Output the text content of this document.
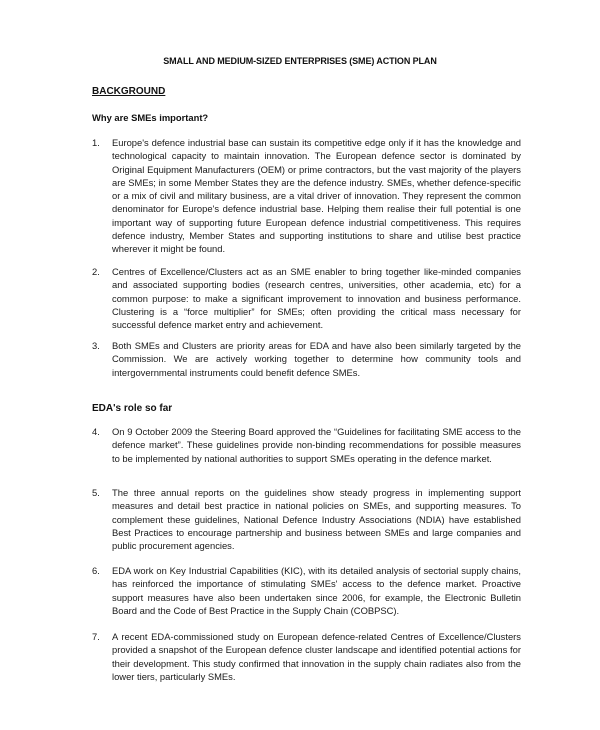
SMALL AND MEDIUM-SIZED ENTERPRISES (SME) ACTION PLAN
BACKGROUND
Why are SMEs important?
1.	Europe's defence industrial base can sustain its competitive edge only if it has the knowledge and technological capacity to maintain innovation. The European defence sector is dominated by Original Equipment Manufacturers (OEM) or prime contractors, but the vast majority of the players are SMEs; in some Member States they are the defence industry. SMEs, whether defence-specific or a mix of civil and military business, are a vital driver of innovation. They represent the common denominator for Europe's defence industrial base. Helping them realise their full potential is one important way of supporting future European defence industrial competitiveness. This requires defence industry, Member States and supporting institutions to share and utilise best practice wherever it might be found.
2.	Centres of Excellence/Clusters act as an SME enabler to bring together like-minded companies and associated supporting bodies (research centres, universities, other academia, etc) for a common purpose: to make a significant improvement to innovation and business performance. Clustering is a “force multiplier” for SMEs; often providing the critical mass necessary for successful defence market entry and achievement.
3.	Both SMEs and Clusters are priority areas for EDA and have also been similarly targeted by the Commission. We are actively working together to determine how community tools and intergovernmental instruments could benefit defence SMEs.
EDA's role so far
4.	On 9 October 2009 the Steering Board approved the “Guidelines for facilitating SME access to the defence market”. These guidelines provide non-binding recommendations for possible measures to be implemented by national authorities to support SMEs operating in the defence market.
5.	The three annual reports on the guidelines show steady progress in implementing support measures and detail best practice in national policies on SMEs, and supporting measures. To complement these guidelines, National Defence Industry Associations (NDIA) have established Best Practices to encourage partnership and business between SMEs and large companies and public procurement agencies.
6.	EDA work on Key Industrial Capabilities (KIC), with its detailed analysis of sectorial supply chains, has reinforced the importance of stimulating SMEs' access to the defence market. Proactive support measures have also been undertaken since 2006, for example, the Electronic Bulletin Board and the Code of Best Practice in the Supply Chain (COBPSC).
7.	A recent EDA-commissioned study on European defence-related Centres of Excellence/Clusters provided a snapshot of the European defence cluster landscape and identified potential actions for their development. This study confirmed that innovation in the supply chain radiates also from the lower tiers, particularly SMEs.
